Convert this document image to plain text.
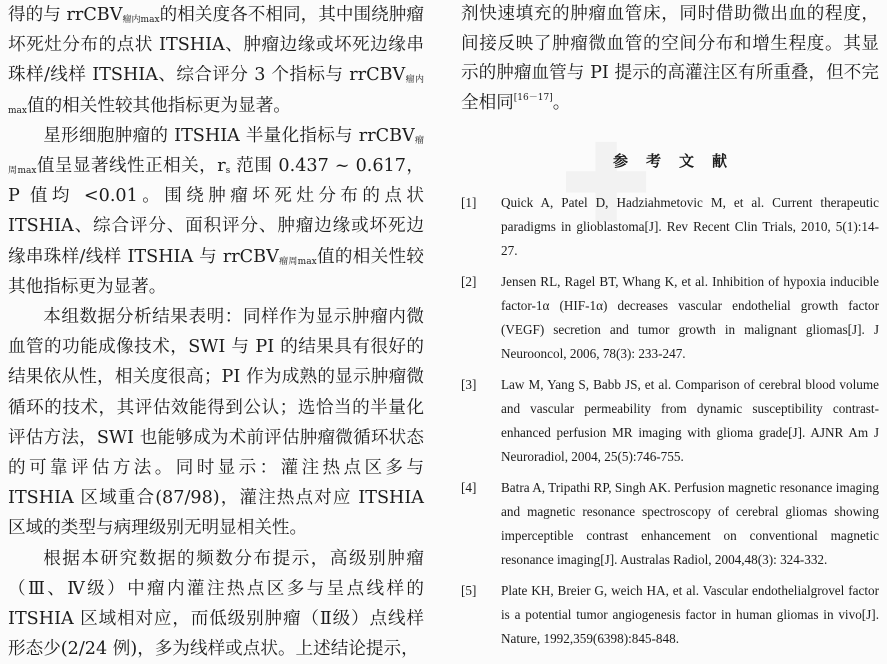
得的与 rrCBV$_{瘤内max}$的相关度各不相同，其中围绕肿瘤坏死灶分布的点状 ITSHIA、肿瘤边缘或坏死边缘串珠样/线样 ITSHIA、综合评分 3 个指标与 rrCBV$_{瘤内max}$值的相关性较其他指标更为显著。

星形细胞肿瘤的 ITSHIA 半量化指标与 rrCBV$_{瘤周max}$值呈显著线性正相关，$r_s$ 范围 0.437 ~ 0.617，P 值均 <0.01。围绕肿瘤坏死灶分布的点状 ITSHIA、综合评分、面积评分、肿瘤边缘或坏死边缘串珠样/线样 ITSHIA 与 rrCBV$_{瘤周max}$值的相关性较其他指标更为显著。

本组数据分析结果表明：同样作为显示肿瘤内微血管的功能成像技术，SWI 与 PI 的结果具有很好的结果依从性，相关度很高；PI 作为成熟的显示肿瘤微循环的技术，其评估效能得到公认；选恰当的半量化评估方法，SWI 也能够成为术前评估肿瘤微循环状态的可靠评估方法。同时显示：灌注热点区多与 ITSHIA 区域重合(87/98)，灌注热点对应 ITSHIA 区域的类型与病理级别无明显相关性。

根据本研究数据的频数分布提示，高级别肿瘤（Ⅲ、Ⅳ级）中瘤内灌注热点区多与呈点线样的 ITSHIA 区域相对应，而低级别肿瘤（Ⅱ级）点线样形态少(2/24 例)，多为线样或点状。上述结论提示，

剂快速填充的肿瘤血管床，同时借助微出血的程度，间接反映了肿瘤微血管的空间分布和增生程度。其显示的肿瘤血管与 PI 提示的高灌注区有所重叠，但不完全相同[16－17]。

参考文献
[1]	Quick A, Patel D, Hadziahmetovic M, et al. Current therapeutic paradigms in glioblastoma[J]. Rev Recent Clin Trials, 2010, 5(1):14-27.
[2]	Jensen RL, Ragel BT, Whang K, et al. Inhibition of hypoxia inducible factor-1α (HIF-1α) decreases vascular endothelial growth factor (VEGF) secretion and tumor growth in malignant gliomas[J]. J Neurooncol, 2006, 78(3): 233-247.
[3]	Law M, Yang S, Babb JS, et al. Comparison of cerebral blood volume and vascular permeability from dynamic susceptibility contrast-enhanced perfusion MR imaging with glioma grade[J]. AJNR Am J Neuroradiol, 2004, 25(5):746-755.
[4]	Batra A, Tripathi RP, Singh AK. Perfusion magnetic resonance imaging and magnetic resonance spectroscopy of cerebral gliomas showing imperceptible contrast enhancement on conventional magnetic resonance imaging[J]. Australas Radiol, 2004,48(3): 324-332.
[5]	Plate KH, Breier G, weich HA, et al. Vascular endothelialgrovel factor is a potential tumor angiogenesis factor in human gliomas in vivo[J]. Nature, 1992,359(6398):845-848.
